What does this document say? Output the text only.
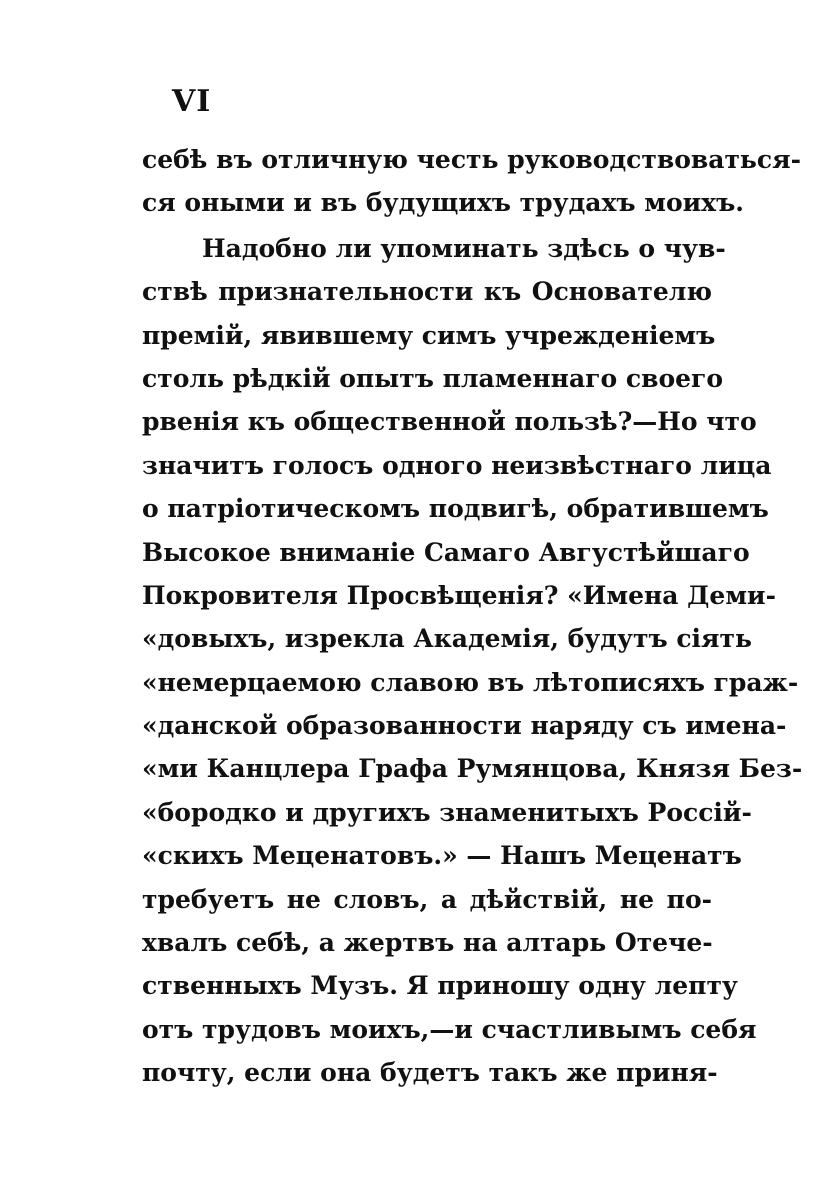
VI
себѣ въ отличную честь руководствоваться-
ся оными и въ будущихъ трудахъ моихъ.
Надобно ли упоминать здѣсь о чув-
ствѣ признательности къ Основателю
премій, явившему симъ учрежденіемъ
столь рѣдкій опытъ пламеннаго своего
рвенія къ общественной пользѣ?—Но что
значитъ голосъ одного неизвѣстнаго лица
о патріотическомъ подвигѣ, обратившемъ
Высокое вниманіе Самаго Августѣйшаго
Покровителя Просвѣщенія? «Имена Деми-
«довыхъ, изрекла Академія, будутъ сіять
«немерцаемою славою въ лѣтописяхъ граж-
«данской образованности наряду съ имена-
«ми Канцлера Графа Румянцова, Князя Без-
«бородко и другихъ знаменитыхъ Россій-
«скихъ Меценатовъ.» — Нашъ Меценатъ
требуетъ не словъ, а дѣйствій, не по-
хвалъ себѣ, а жертвъ на алтарь Отече-
ственныхъ Музъ. Я приношу одну лепту
отъ трудовъ моихъ,—и счастливымъ себя
почту, если она будетъ такъ же приня-
